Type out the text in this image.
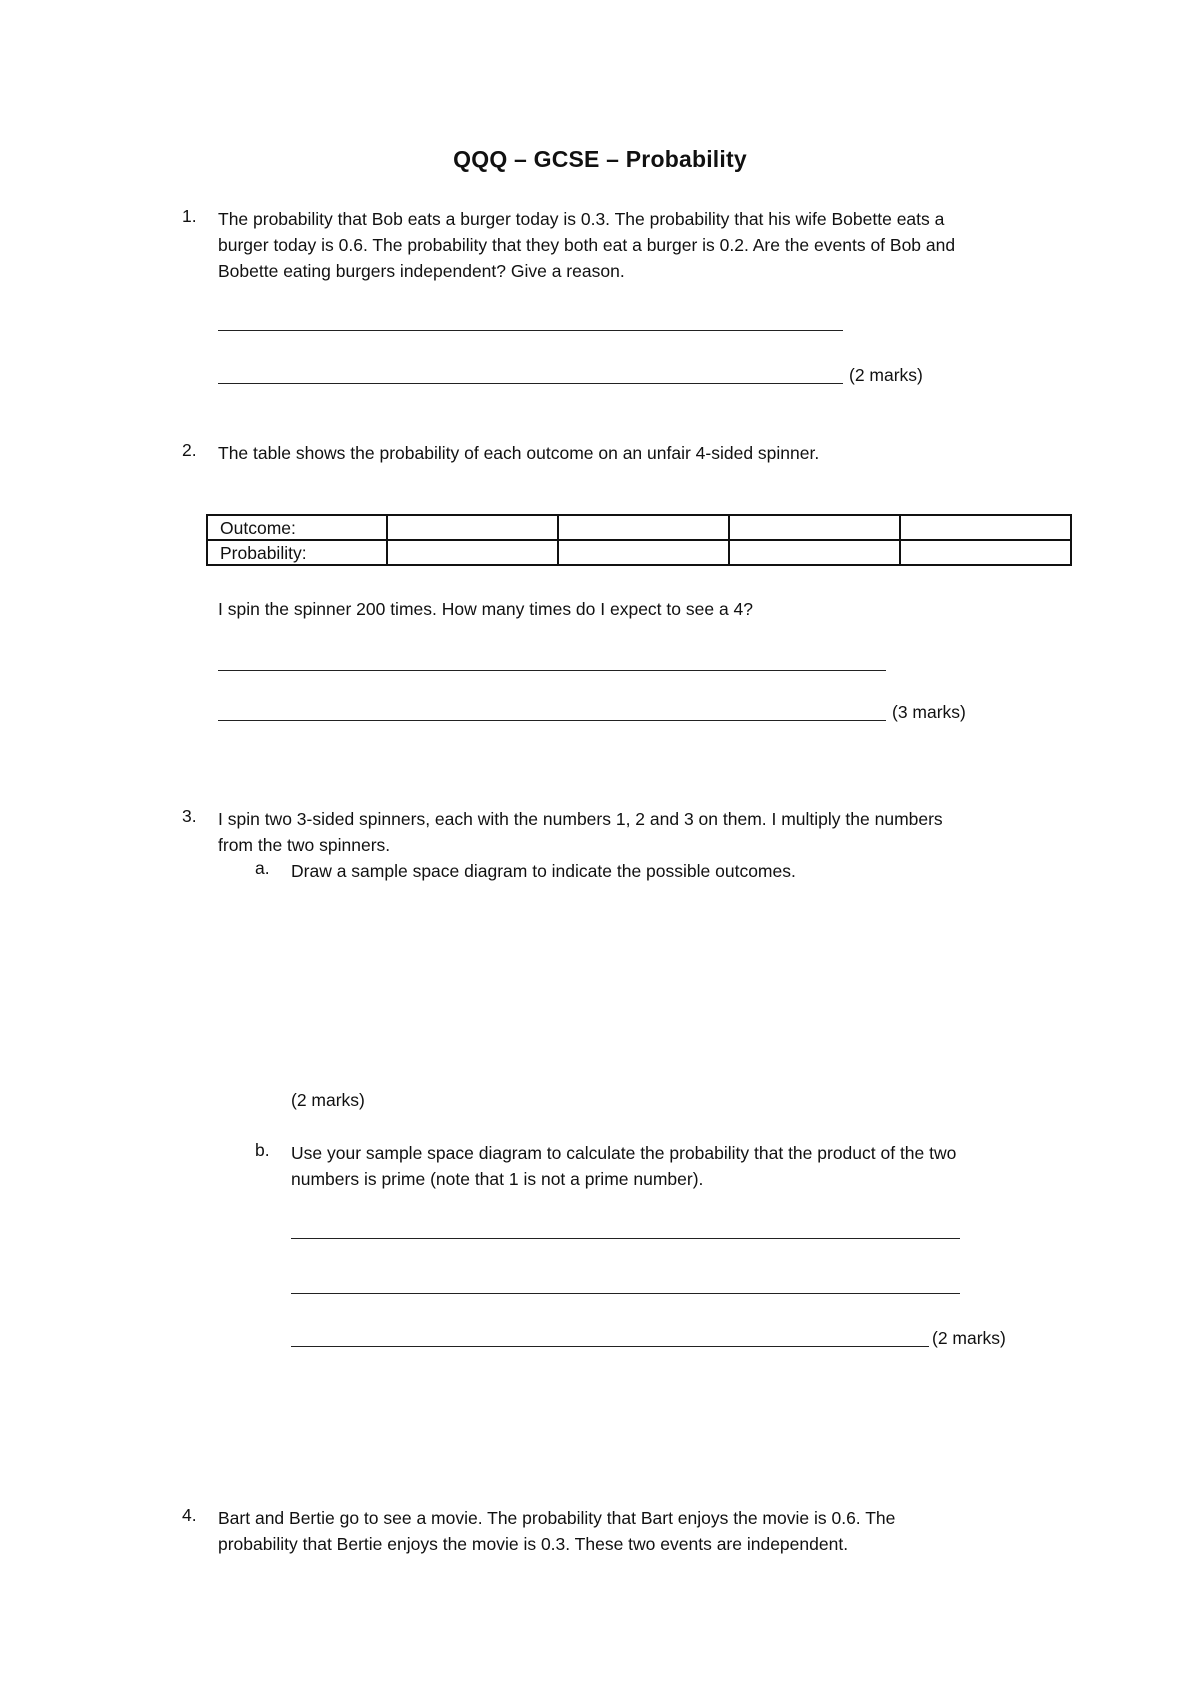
QQQ – GCSE – Probability
1.	The probability that Bob eats a burger today is 0.3. The probability that his wife Bobette eats a
burger today is 0.6. The probability that they both eat a burger is 0.2. Are the events of Bob and
Bobette eating burgers independent? Give a reason.
(2 marks)
2.	The table shows the probability of each outcome on an unfair 4-sided spinner.
Outcome:				
Probability:				
I spin the spinner 200 times. How many times do I expect to see a 4?
(3 marks)
3.	I spin two 3-sided spinners, each with the numbers 1, 2 and 3 on them. I multiply the numbers
from the two spinners.
a. Draw a sample space diagram to indicate the possible outcomes.
(2 marks)
b. Use your sample space diagram to calculate the probability that the product of the two
numbers is prime (note that 1 is not a prime number).
(2 marks)
4.	Bart and Bertie go to see a movie. The probability that Bart enjoys the movie is 0.6. The
probability that Bertie enjoys the movie is 0.3. These two events are independent.
